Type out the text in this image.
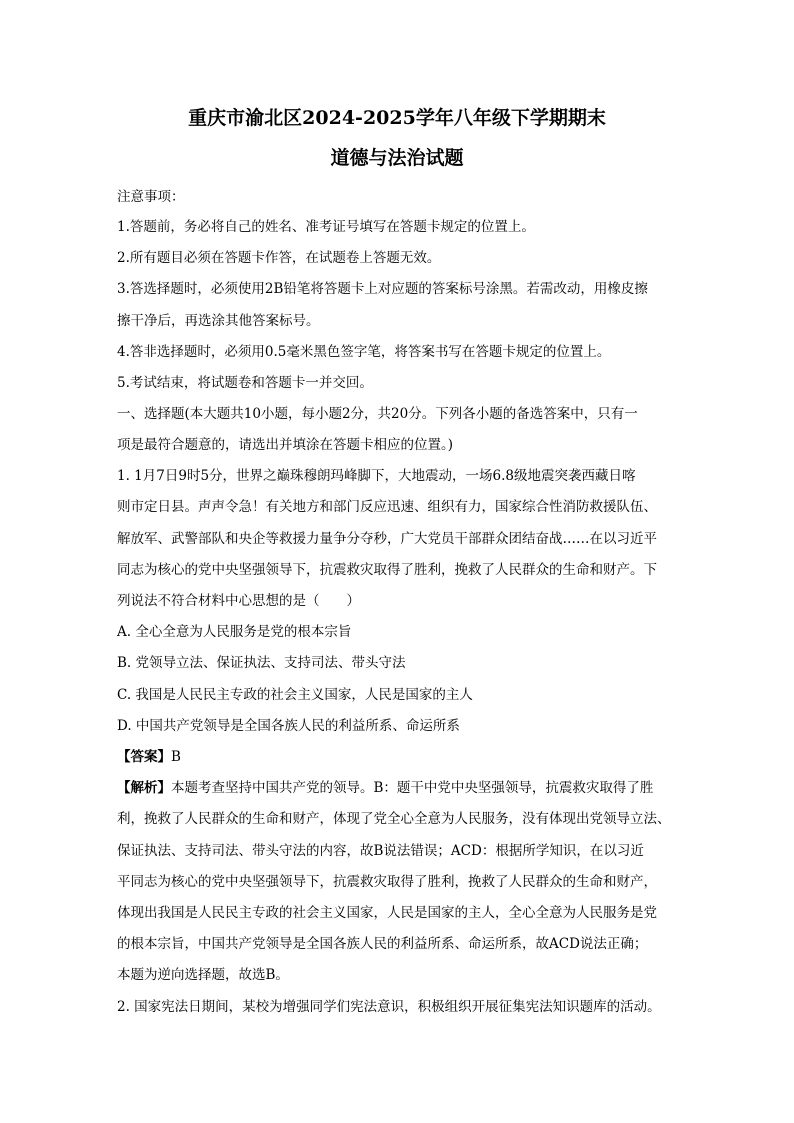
重庆市渝北区2024-2025学年八年级下学期期末
道德与法治试题
注意事项：
1.答题前，务必将自己的姓名、准考证号填写在答题卡规定的位置上。
2.所有题目必须在答题卡作答，在试题卷上答题无效。
3.答选择题时，必须使用2B铅笔将答题卡上对应题的答案标号涂黑。若需改动，用橡皮擦
擦干净后，再选涂其他答案标号。
4.答非选择题时，必须用0.5毫米黑色签字笔，将答案书写在答题卡规定的位置上。
5.考试结束，将试题卷和答题卡一并交回。
一、选择题(本大题共10小题，每小题2分，共20分。下列各小题的备选答案中，只有一
项是最符合题意的，请选出并填涂在答题卡相应的位置。)
1. 1月7日9时5分，世界之巅珠穆朗玛峰脚下，大地震动，一场6.8级地震突袭西藏日喀
则市定日县。声声令急！有关地方和部门反应迅速、组织有力，国家综合性消防救援队伍、
解放军、武警部队和央企等救援力量争分夺秒，广大党员干部群众团结奋战……在以习近平
同志为核心的党中央坚强领导下，抗震救灾取得了胜利，挽救了人民群众的生命和财产。下
列说法不符合材料中心思想的是（　　）
A. 全心全意为人民服务是党的根本宗旨
B. 党领导立法、保证执法、支持司法、带头守法
C. 我国是人民民主专政的社会主义国家，人民是国家的主人
D. 中国共产党领导是全国各族人民的利益所系、命运所系
【答案】B
【解析】本题考查坚持中国共产党的领导。B：题干中党中央坚强领导，抗震救灾取得了胜
利，挽救了人民群众的生命和财产，体现了党全心全意为人民服务，没有体现出党领导立法、
保证执法、支持司法、带头守法的内容，故B说法错误；ACD：根据所学知识，在以习近
平同志为核心的党中央坚强领导下，抗震救灾取得了胜利，挽救了人民群众的生命和财产，
体现出我国是人民民主专政的社会主义国家，人民是国家的主人，全心全意为人民服务是党
的根本宗旨，中国共产党领导是全国各族人民的利益所系、命运所系，故ACD说法正确；
本题为逆向选择题，故选B。
2. 国家宪法日期间，某校为增强同学们宪法意识，积极组织开展征集宪法知识题库的活动。
